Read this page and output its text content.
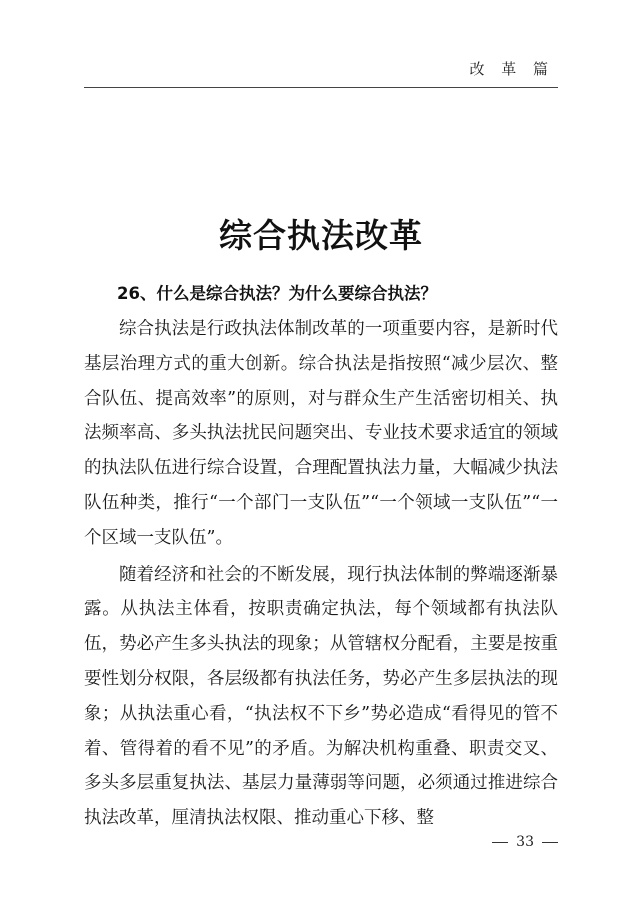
改 革 篇
综合执法改革
26、什么是综合执法？为什么要综合执法？

综合执法是行政执法体制改革的一项重要内容，是新时代基层治理方式的重大创新。综合执法是指按照“减少层次、整合队伍、提高效率”的原则，对与群众生产生活密切相关、执法频率高、多头执法扰民问题突出、专业技术要求适宜的领域的执法队伍进行综合设置，合理配置执法力量，大幅减少执法队伍种类，推行“一个部门一支队伍”“一个领域一支队伍”“一个区域一支队伍”。

随着经济和社会的不断发展，现行执法体制的弊端逐渐暴露。从执法主体看，按职责确定执法，每个领域都有执法队伍，势必产生多头执法的现象；从管辖权分配看，主要是按重要性划分权限，各层级都有执法任务，势必产生多层执法的现象；从执法重心看，“执法权不下乡”势必造成“看得见的管不着、管得着的看不见”的矛盾。为解决机构重叠、职责交叉、多头多层重复执法、基层力量薄弱等问题，必须通过推进综合执法改革，厘清执法权限、推动重心下移、整

33
